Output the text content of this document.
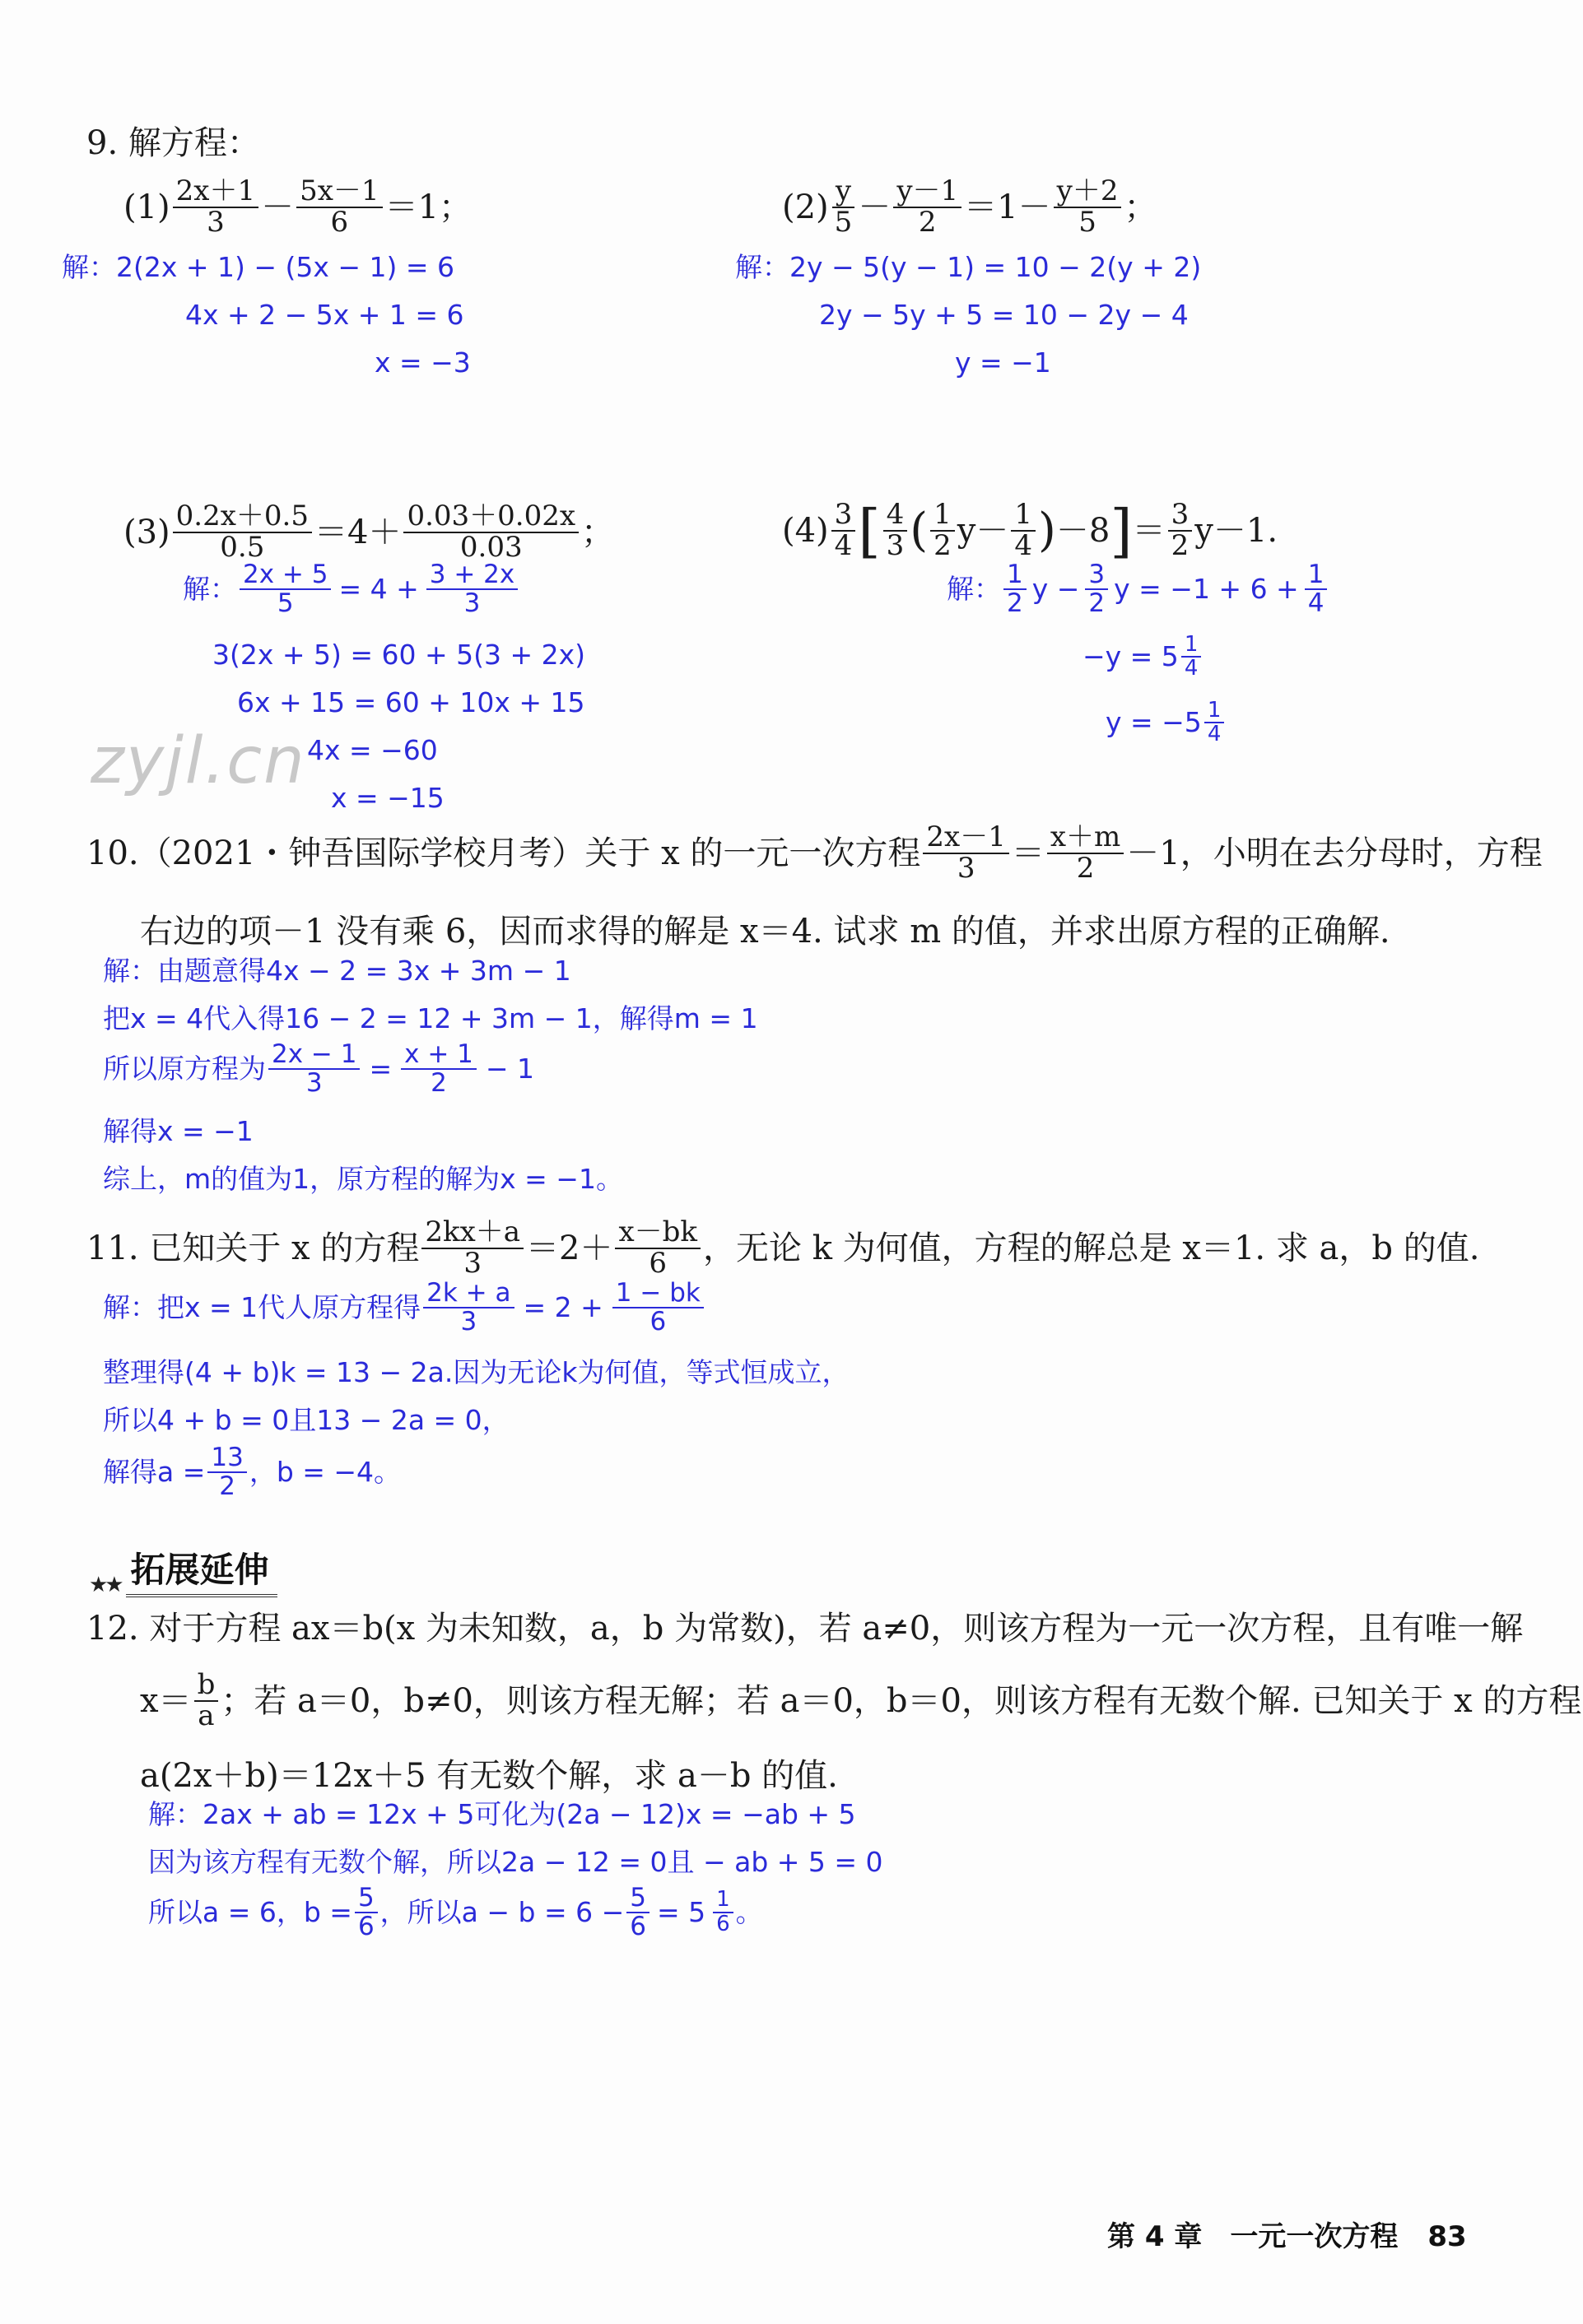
9. 解方程：
$(1) \frac{2x+1}{3} - \frac{5x-1}{6} =1$；
解：2(2x + 1) − (5x − 1) = 6
4x + 2 − 5x + 1 = 6
x = −3
$(2) \frac{y}{5} - \frac{y-1}{2} =1- \frac{y+2}{5}$ ；
解：2y − 5(y − 1) = 10 − 2(y + 2)
2y − 5y + 5 = 10 − 2y − 4
y = −1
$(3) \frac{0.2x+0.5}{0.5} =4+ \frac{0.03+0.02x}{0.03}$ ；
解： $\frac{2x + 5}{5} = 4 + \frac{3 + 2x}{3}$
3(2x + 5) = 60 + 5(3 + 2x)
6x + 15 = 60 + 10x + 15
4x = −60
x = −15
$(4) \frac{3}{4}$ [ $\frac{4}{3}$ ( $\frac{1}{2} y- \frac{1}{4}$ ) －8 ] ＝ $\frac{3}{2} y-1$.
解： $\frac{1}{2}$ $y - \frac{3}{2}$ $y = -1 + 6 + \frac{1}{4}$
$-y = 5 \frac{1}{4}$
$y = -5 \frac{1}{4}$
zyjl.cn
10.（2021・钟吾国际学校月考）关于 x 的一元一次方程 $\frac{2x-1}{3} = \frac{x+m}{2} -1$，小明在去分母时，方程
右边的项－1 没有乘 6，因而求得的解是 x＝4. 试求 m 的值，并求出原方程的正确解.
解：由题意得4x − 2 = 3x + 3m − 1
把x = 4代入得16 − 2 = 12 + 3m − 1，解得m = 1
所以原方程为 $\frac{2x - 1}{3} = \frac{x + 1}{2} - 1$
解得x = −1
综上，m的值为1，原方程的解为x = −1。
11. 已知关于 x 的方程 $\frac{2kx+a}{3} =2+ \frac{x-bk}{6}$ ，无论 k 为何值，方程的解总是 x＝1. 求 a，b 的值.
解：把x = 1代人原方程得 $\frac{2k + a}{3} = 2 + \frac{1 - bk}{6}$
整理得(4 + b)k = 13 − 2a.因为无论k为何值，等式恒成立，
所以4 + b = 0且13 − 2a = 0，
解得$a = \frac{13}{2}$ ，b = −4。
★★ 拓展延伸
12. 对于方程 ax＝b(x 为未知数，a，b 为常数)，若 a≠0，则该方程为一元一次方程，且有唯一解
$x= \frac{b}{a}$ ；若 a＝0，b≠0，则该方程无解；若 a＝0，b＝0，则该方程有无数个解. 已知关于 x 的方程
a(2x＋b)＝12x＋5 有无数个解，求 a－b 的值.
解：2ax + ab = 12x + 5可化为(2a − 12)x = −ab + 5
因为该方程有无数个解，所以2a − 12 = 0且 − ab + 5 = 0
所以a = 6，$b = \frac{5}{6}$ ，所以$a - b = 6 - \frac{5}{6} = 5 \frac{1}{6}$ 。
第 4 章　一元一次方程 83
